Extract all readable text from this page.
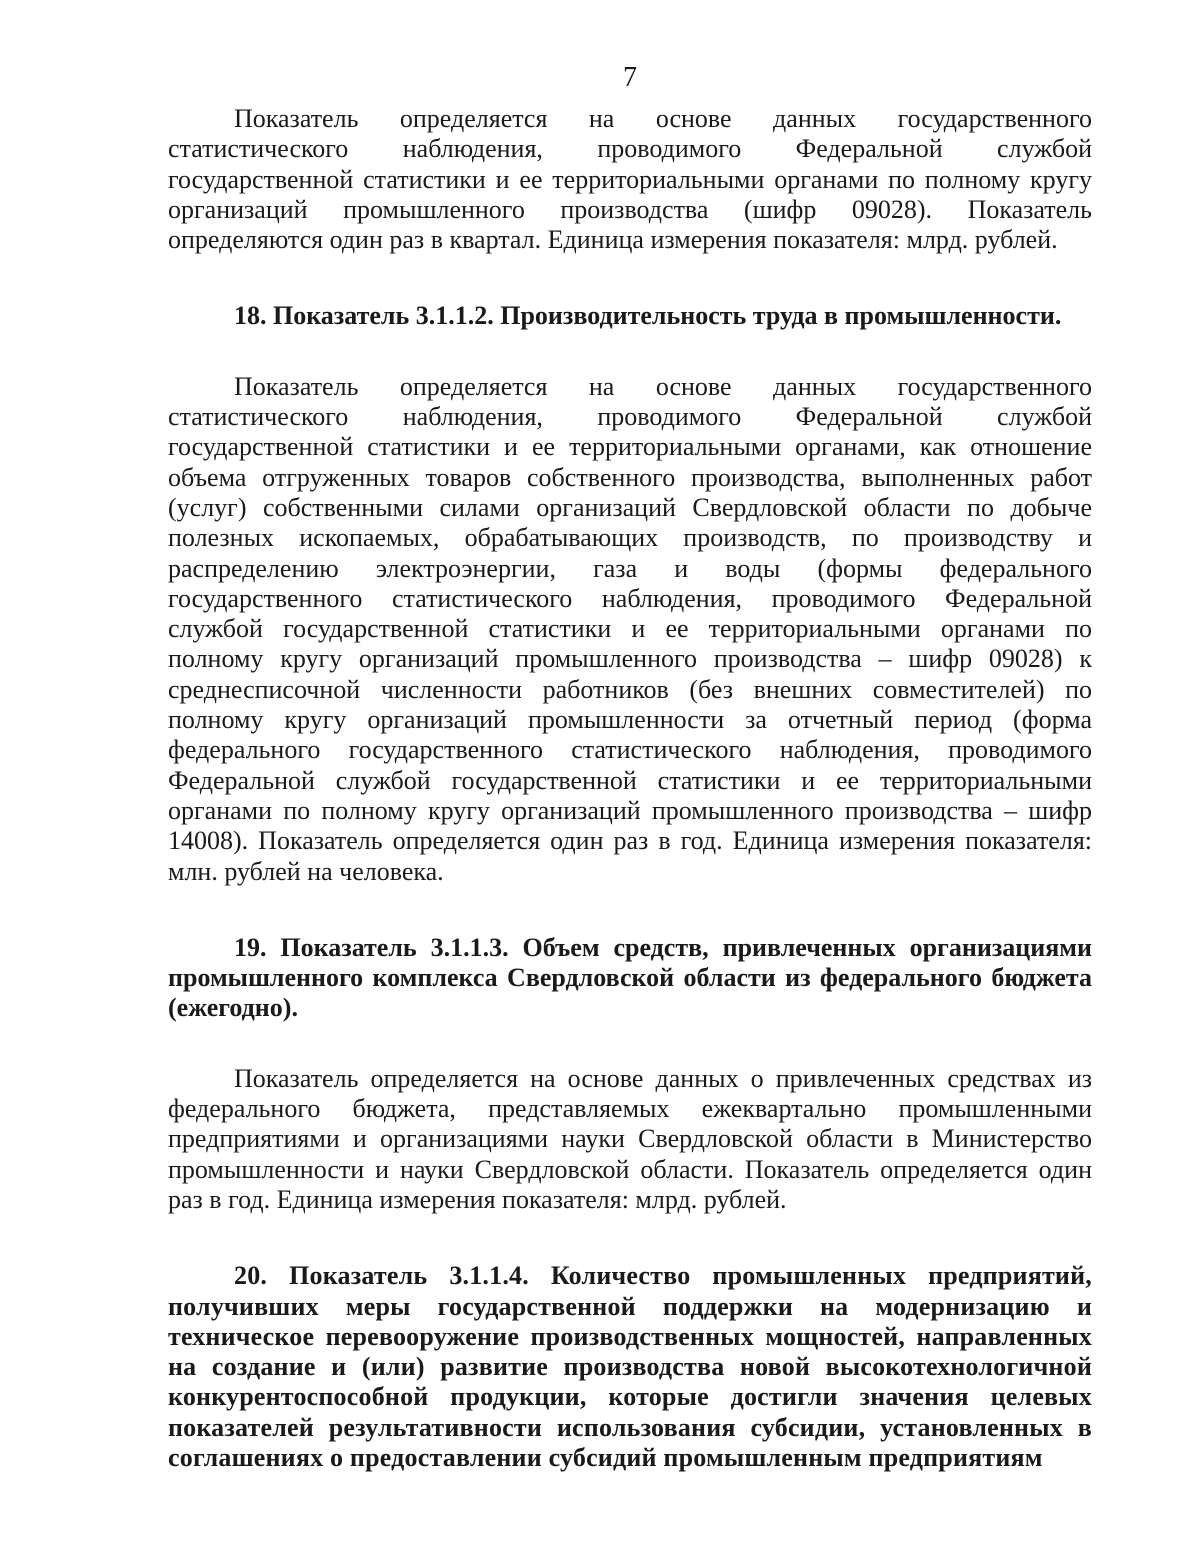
7

Показатель определяется на основе данных государственного статистического наблюдения, проводимого Федеральной службой государственной статистики и ее территориальными органами по полному кругу организаций промышленного производства (шифр 09028). Показатель определяются один раз в квартал. Единица измерения показателя: млрд. рублей.

18. Показатель 3.1.1.2. Производительность труда в промышленности.

Показатель определяется на основе данных государственного статистического наблюдения, проводимого Федеральной службой государственной статистики и ее территориальными органами, как отношение объема отгруженных товаров собственного производства, выполненных работ (услуг) собственными силами организаций Свердловской области по добыче полезных ископаемых, обрабатывающих производств, по производству и распределению электроэнергии, газа и воды (формы федерального государственного статистического наблюдения, проводимого Федеральной службой государственной статистики и ее территориальными органами по полному кругу организаций промышленного производства – шифр 09028) к среднесписочной численности работников (без внешних совместителей) по полному кругу организаций промышленности за отчетный период (форма федерального государственного статистического наблюдения, проводимого Федеральной службой государственной статистики и ее территориальными органами по полному кругу организаций промышленного производства – шифр 14008). Показатель определяется один раз в год. Единица измерения показателя: млн. рублей на человека.

19. Показатель 3.1.1.3. Объем средств, привлеченных организациями промышленного комплекса Свердловской области из федерального бюджета (ежегодно).

Показатель определяется на основе данных о привлеченных средствах из федерального бюджета, представляемых ежеквартально промышленными предприятиями и организациями науки Свердловской области в Министерство промышленности и науки Свердловской области. Показатель определяется один раз в год. Единица измерения показателя: млрд. рублей.

20. Показатель 3.1.1.4. Количество промышленных предприятий, получивших меры государственной поддержки на модернизацию и техническое перевооружение производственных мощностей, направленных на создание и (или) развитие производства новой высокотехнологичной конкурентоспособной продукции, которые достигли значения целевых показателей результативности использования субсидии, установленных в соглашениях о предоставлении субсидий промышленным предприятиям
